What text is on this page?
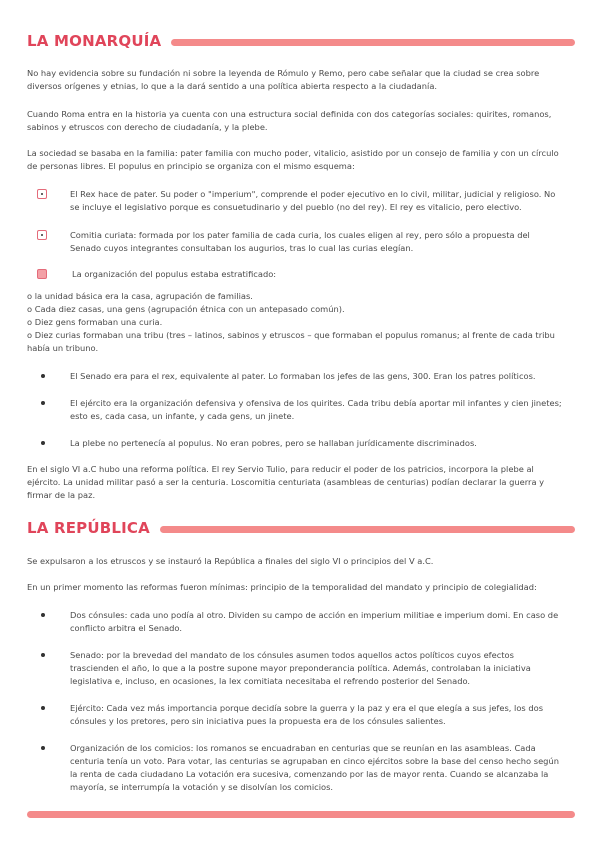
LA MONARQUÍA

No hay evidencia sobre su fundación ni sobre la leyenda de Rómulo y Remo, pero cabe señalar que la ciudad se crea sobre diversos orígenes y etnias, lo que a la dará sentido a una política abierta respecto a la ciudadanía.

Cuando Roma entra en la historia ya cuenta con una estructura social definida con dos categorías sociales: quirites, romanos, sabinos y etruscos con derecho de ciudadanía, y la plebe.

La sociedad se basaba en la familia: pater familia con mucho poder, vitalicio, asistido por un consejo de familia y con un círculo de personas libres. El populus en principio se organiza con el mismo esquema:

El Rex hace de pater. Su poder o "imperium", comprende el poder ejecutivo en lo civil, militar, judicial y religioso. No se incluye el legislativo porque es consuetudinario y del pueblo (no del rey). El rey es vitalicio, pero electivo.

Comitia curiata: formada por los pater familia de cada curia, los cuales eligen al rey, pero sólo a propuesta del Senado cuyos integrantes consultaban los augurios, tras lo cual las curias elegían.

La organización del populus estaba estratificado:

o la unidad básica era la casa, agrupación de familias.

o Cada diez casas, una gens (agrupación étnica con un antepasado común).

o Diez gens formaban una curia.

o Diez curias formaban una tribu (tres – latinos, sabinos y etruscos – que formaban el populus romanus; al frente de cada tribu había un tribuno.

El Senado era para el rex, equivalente al pater. Lo formaban los jefes de las gens, 300. Eran los patres políticos.

El ejército era la organización defensiva y ofensiva de los quirites. Cada tribu debía aportar mil infantes y cien jinetes; esto es, cada casa, un infante, y cada gens, un jinete.

La plebe no pertenecía al populus. No eran pobres, pero se hallaban jurídicamente discriminados.

En el siglo VI a.C hubo una reforma política. El rey Servio Tulio, para reducir el poder de los patricios, incorpora la plebe al ejército. La unidad militar pasó a ser la centuria. Loscomitia centuriata (asambleas de centurias) podían declarar la guerra y firmar de la paz.

LA REPÚBLICA

Se expulsaron a los etruscos y se instauró la República a finales del siglo VI o principios del V a.C.

En un primer momento las reformas fueron mínimas: principio de la temporalidad del mandato y principio de colegialidad:

Dos cónsules: cada uno podía al otro. Dividen su campo de acción en imperium militiae e imperium domi. En caso de conflicto arbitra el Senado.

Senado: por la brevedad del mandato de los cónsules asumen todos aquellos actos políticos cuyos efectos trascienden el año, lo que a la postre supone mayor preponderancia política. Además, controlaban la iniciativa legislativa e, incluso, en ocasiones, la lex comitiata necesitaba el refrendo posterior del Senado.

Ejército: Cada vez más importancia porque decidía sobre la guerra y la paz y era el que elegía a sus jefes, los dos cónsules y los pretores, pero sin iniciativa pues la propuesta era de los cónsules salientes.

Organización de los comicios: los romanos se encuadraban en centurias que se reunían en las asambleas. Cada centuria tenía un voto. Para votar, las centurias se agrupaban en cinco ejércitos sobre la base del censo hecho según la renta de cada ciudadano La votación era sucesiva, comenzando por las de mayor renta. Cuando se alcanzaba la mayoría, se interrumpía la votación y se disolvían los comicios.
